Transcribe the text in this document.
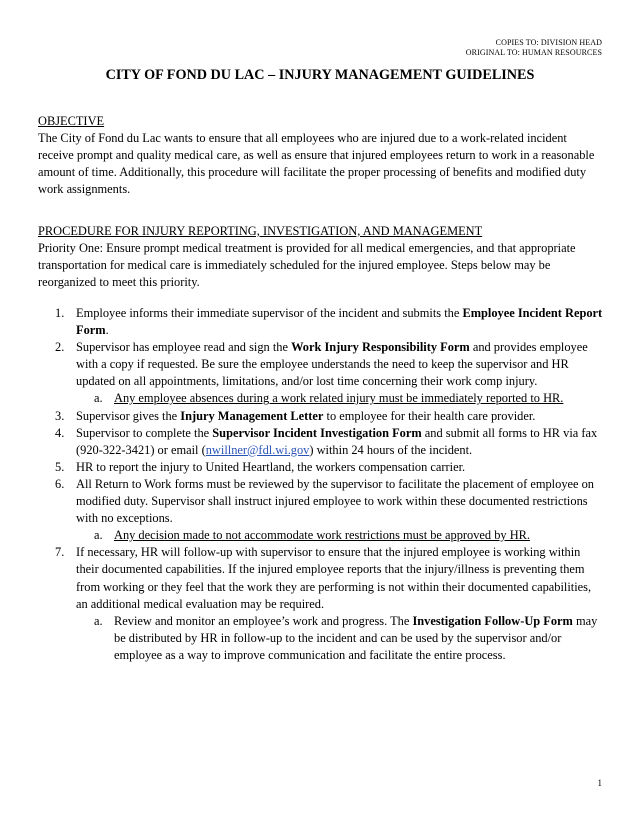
COPIES TO: DIVISION HEAD
ORIGINAL TO: HUMAN RESOURCES
CITY OF FOND DU LAC – INJURY MANAGEMENT GUIDELINES
OBJECTIVE

The City of Fond du Lac wants to ensure that all employees who are injured due to a work-related incident receive prompt and quality medical care, as well as ensure that injured employees return to work in a reasonable amount of time. Additionally, this procedure will facilitate the proper processing of benefits and modified duty work assignments.

PROCEDURE FOR INJURY REPORTING, INVESTIGATION, AND MANAGEMENT

Priority One: Ensure prompt medical treatment is provided for all medical emergencies, and that appropriate transportation for medical care is immediately scheduled for the injured employee. Steps below may be reorganized to meet this priority.

1. Employee informs their immediate supervisor of the incident and submits the Employee Incident Report Form.
2. Supervisor has employee read and sign the Work Injury Responsibility Form and provides employee with a copy if requested. Be sure the employee understands the need to keep the supervisor and HR updated on all appointments, limitations, and/or lost time concerning their work comp injury.
a. Any employee absences during a work related injury must be immediately reported to HR.
3. Supervisor gives the Injury Management Letter to employee for their health care provider.
4. Supervisor to complete the Supervisor Incident Investigation Form and submit all forms to HR via fax (920-322-3421) or email (nwillner@fdl.wi.gov) within 24 hours of the incident.
5. HR to report the injury to United Heartland, the workers compensation carrier.
6. All Return to Work forms must be reviewed by the supervisor to facilitate the placement of employee on modified duty. Supervisor shall instruct injured employee to work within these documented restrictions with no exceptions.
a. Any decision made to not accommodate work restrictions must be approved by HR.
7. If necessary, HR will follow-up with supervisor to ensure that the injured employee is working within their documented capabilities. If the injured employee reports that the injury/illness is preventing them from working or they feel that the work they are performing is not within their documented capabilities, an additional medical evaluation may be required.
a. Review and monitor an employee’s work and progress. The Investigation Follow-Up Form may be distributed by HR in follow-up to the incident and can be used by the supervisor and/or employee as a way to improve communication and facilitate the entire process.
1
